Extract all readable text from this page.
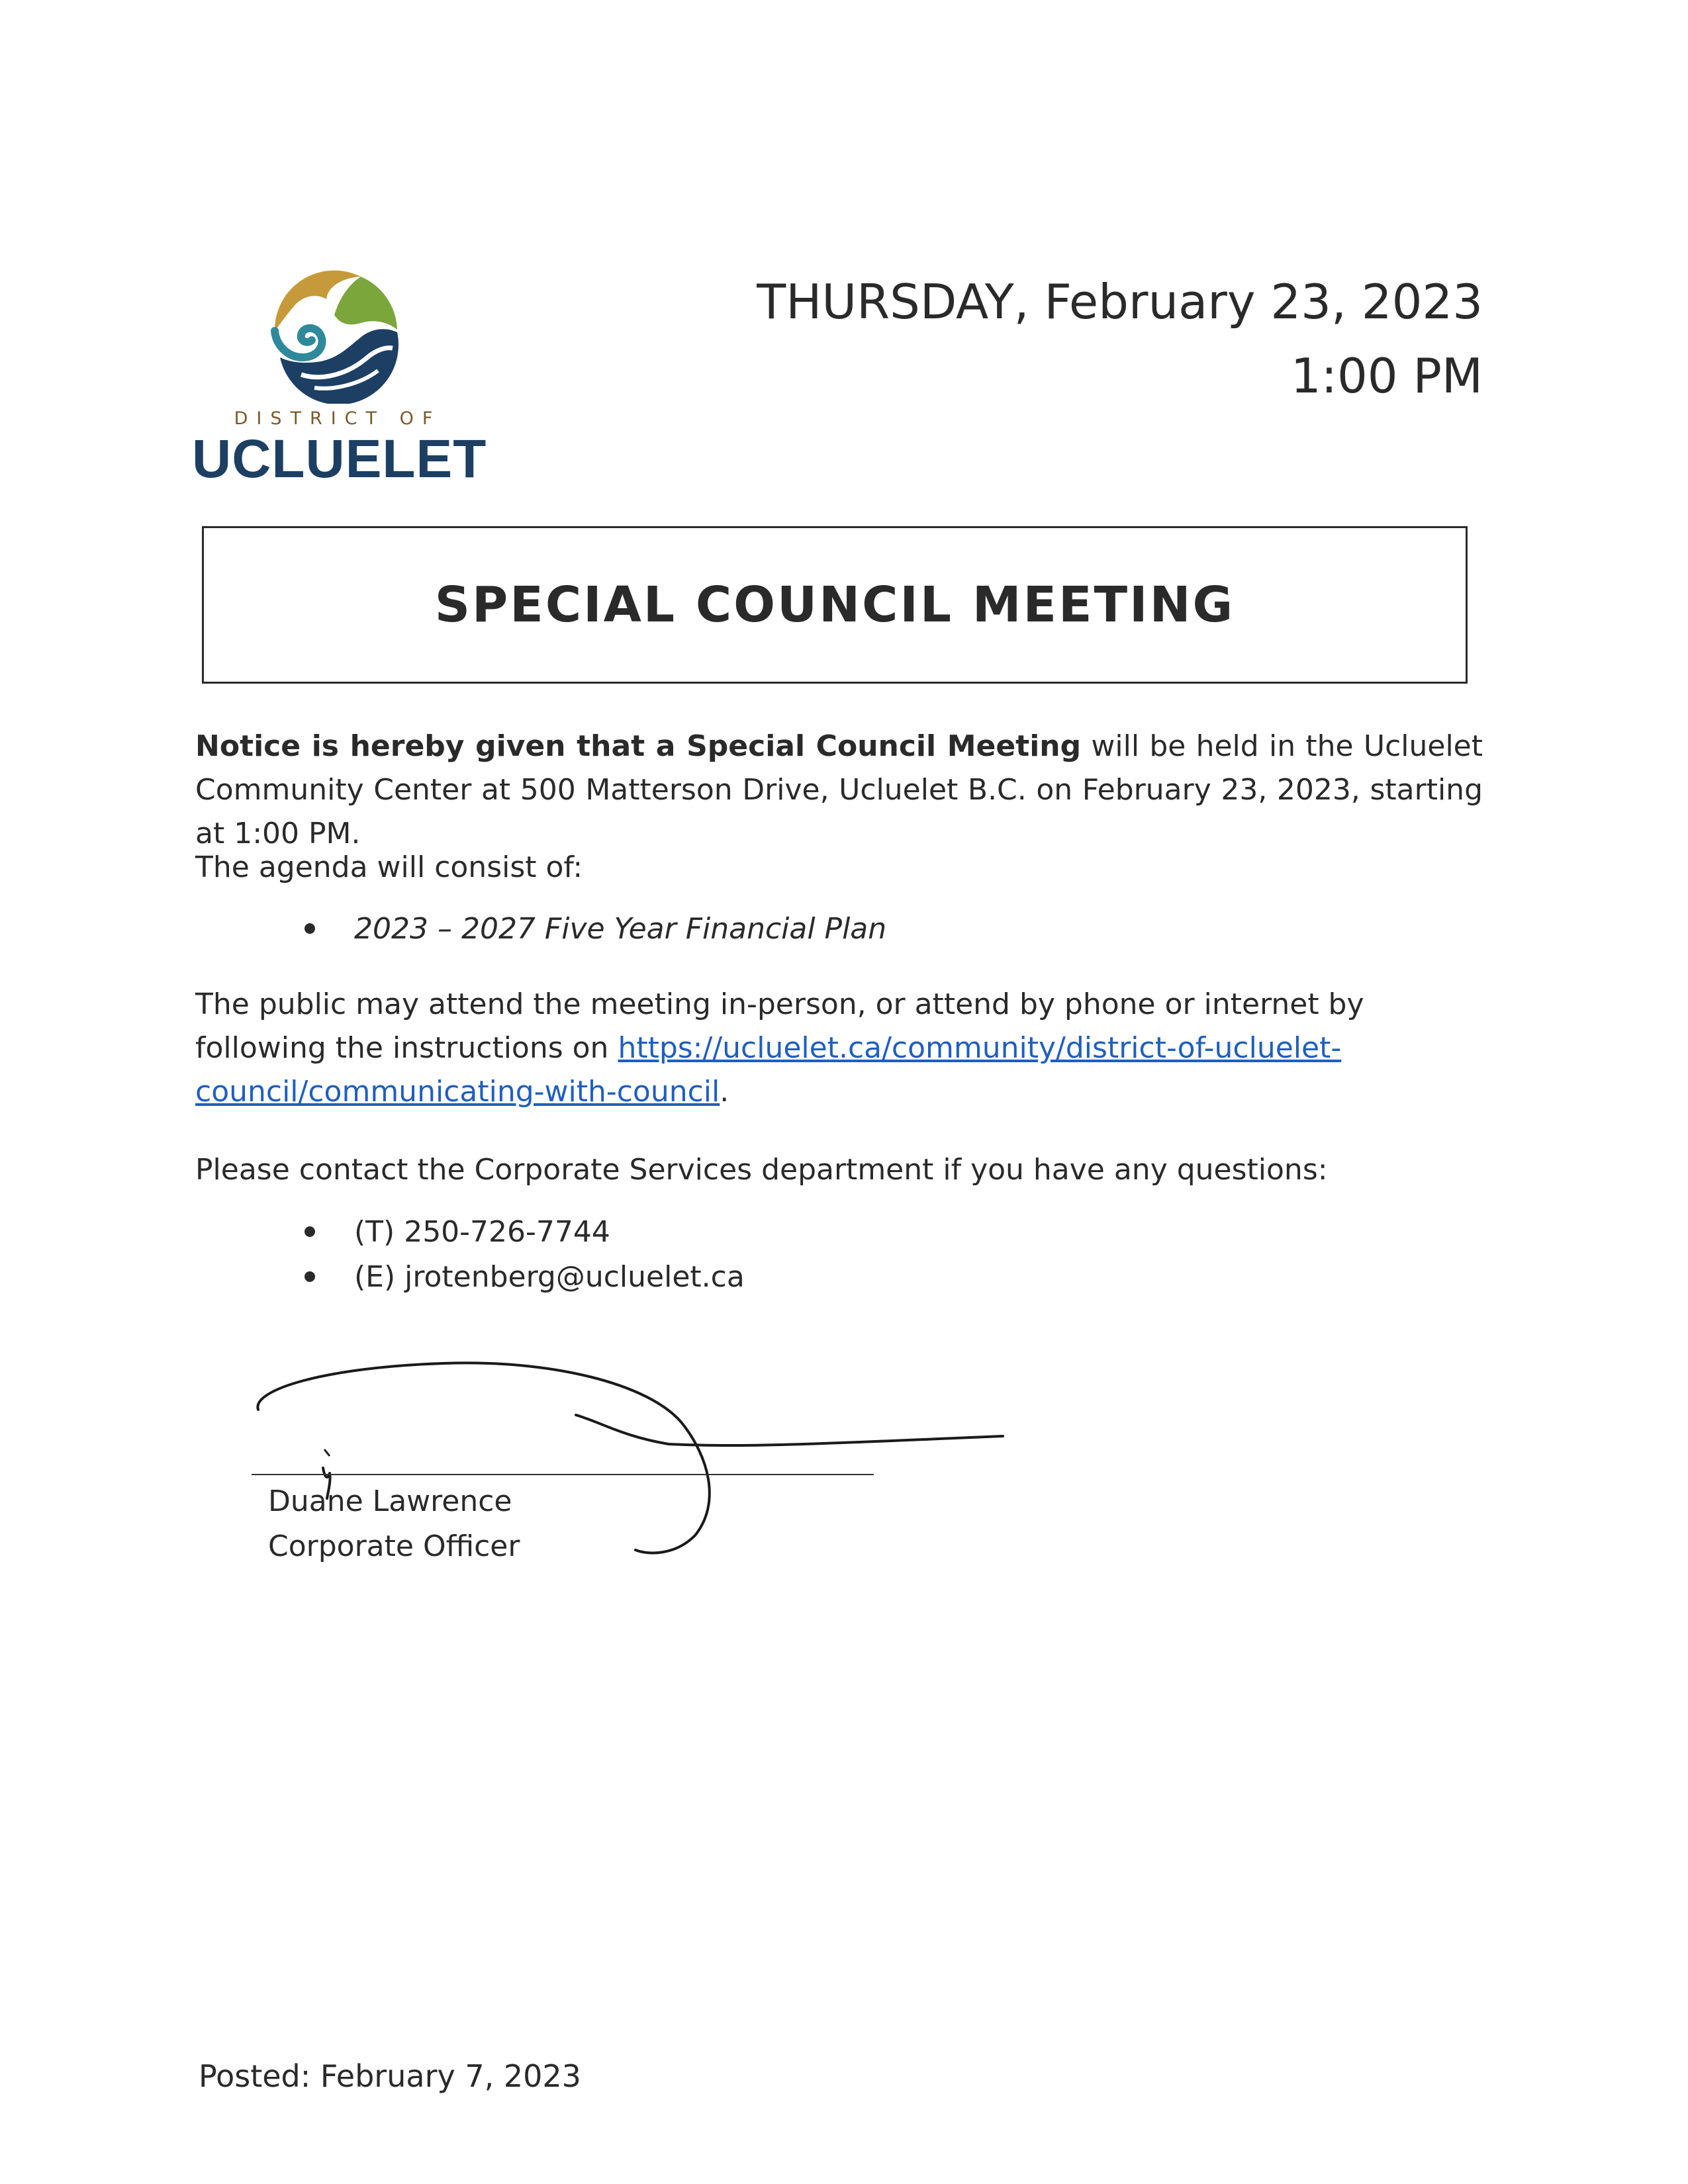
DISTRICT OF
UCLUELET
THURSDAY, February 23, 2023
1:00 PM
SPECIAL COUNCIL MEETING
Notice is hereby given that a Special Council Meeting will be held in the Ucluelet Community Center at 500 Matterson Drive, Ucluelet B.C. on February 23, 2023, starting at 1:00 PM.
The agenda will consist of:
2023 – 2027 Five Year Financial Plan
The public may attend the meeting in-person, or attend by phone or internet by following the instructions on https://ucluelet.ca/community/district-of-ucluelet-council/communicating-with-council.
Please contact the Corporate Services department if you have any questions:
(T) 250-726-7744
(E) jrotenberg@ucluelet.ca
Duane Lawrence
Corporate Officer
Posted: February 7, 2023
